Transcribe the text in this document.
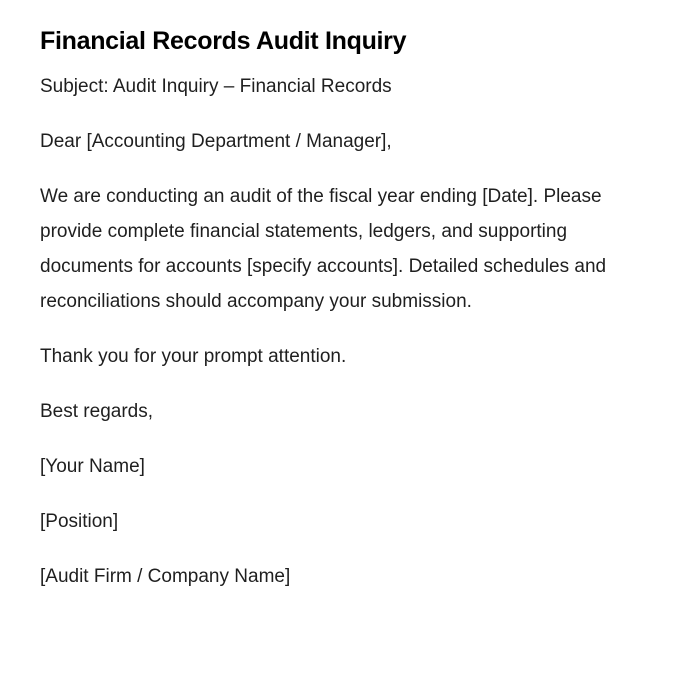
Financial Records Audit Inquiry

Subject: Audit Inquiry – Financial Records

Dear [Accounting Department / Manager],

We are conducting an audit of the fiscal year ending [Date]. Please provide complete financial statements, ledgers, and supporting documents for accounts [specify accounts]. Detailed schedules and reconciliations should accompany your submission.

Thank you for your prompt attention.

Best regards,

[Your Name]

[Position]

[Audit Firm / Company Name]
